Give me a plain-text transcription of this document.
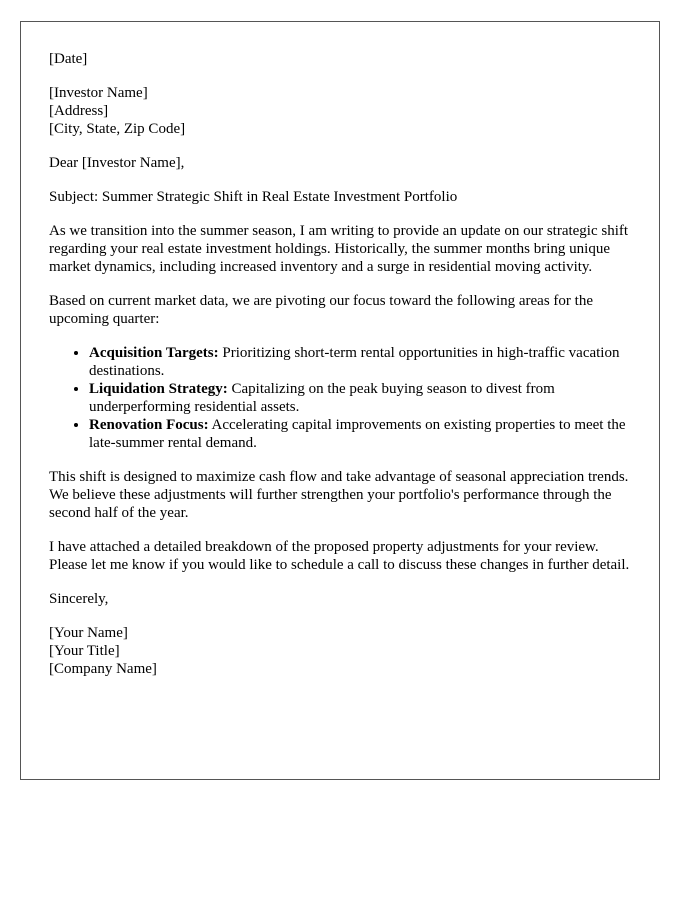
[Date]
[Investor Name]
[Address]
[City, State, Zip Code]

Dear [Investor Name],

Subject: Summer Strategic Shift in Real Estate Investment Portfolio

As we transition into the summer season, I am writing to provide an update on our strategic shift regarding your real estate investment holdings. Historically, the summer months bring unique market dynamics, including increased inventory and a surge in residential moving activity.

Based on current market data, we are pivoting our focus toward the following areas for the upcoming quarter:

• Acquisition Targets: Prioritizing short-term rental opportunities in high-traffic vacation destinations.
• Liquidation Strategy: Capitalizing on the peak buying season to divest from underperforming residential assets.
• Renovation Focus: Accelerating capital improvements on existing properties to meet the late-summer rental demand.

This shift is designed to maximize cash flow and take advantage of seasonal appreciation trends. We believe these adjustments will further strengthen your portfolio's performance through the second half of the year.

I have attached a detailed breakdown of the proposed property adjustments for your review. Please let me know if you would like to schedule a call to discuss these changes in further detail.

Sincerely,

[Your Name]
[Your Title]
[Company Name]
